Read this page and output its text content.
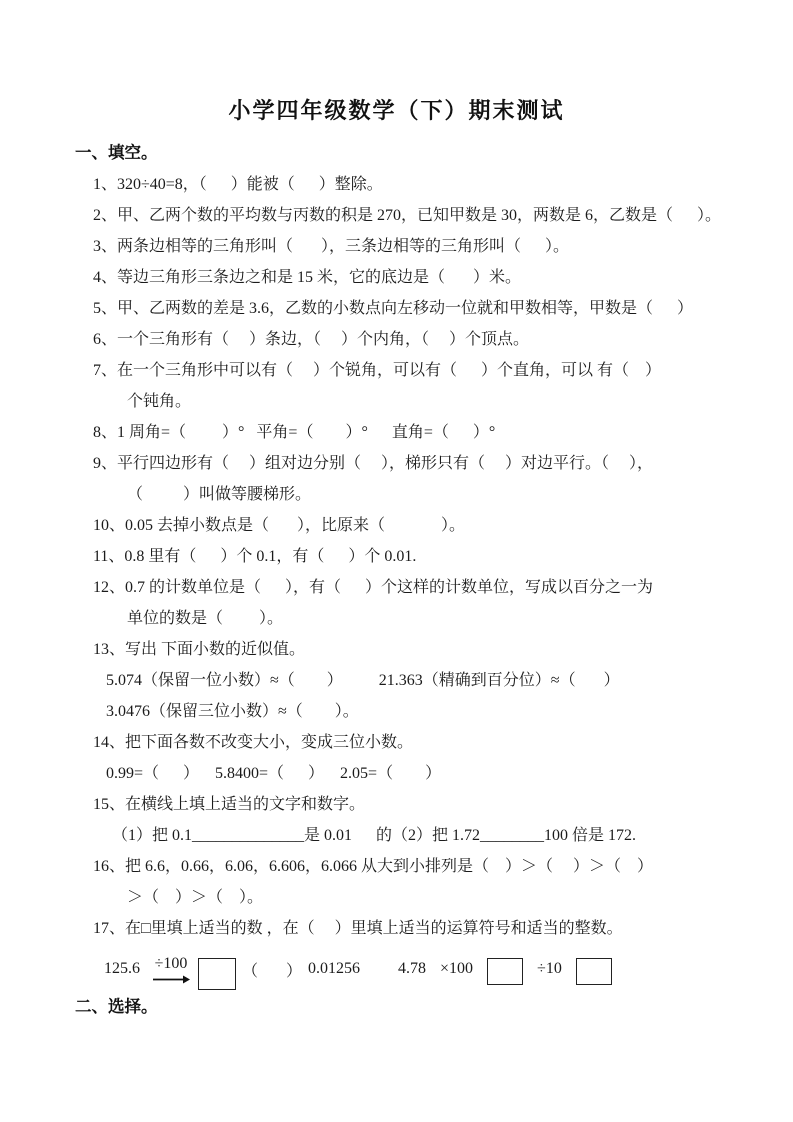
小学四年级数学（下）期末测试
一、填空。

1、320÷40=8，（      ）能被（      ）整除。

2、甲、乙两个数的平均数与丙数的积是 270，已知甲数是 30，两数是 6，乙数是（      ）。

3、两条边相等的三角形叫（       ），三条边相等的三角形叫（      ）。

4、等边三角形三条边之和是 15 米，它的底边是（       ）米。

5、甲、乙两数的差是 3.6，乙数的小数点向左移动一位就和甲数相等，甲数是（      ）

6、一个三角形有（     ）条边，（     ）个内角，（     ）个顶点。

7、在一个三角形中可以有（     ）个锐角，可以有（      ）个直角，可以 有（    ）

个钝角。

8、1 周角=（         ）°   平角=（        ）°      直角=（      ）°

9、平行四边形有（     ）组对边分别（     ），梯形只有（     ）对边平行。（     ），

（          ）叫做等腰梯形。

10、0.05 去掉小数点是（       ），比原来（              ）。

11、0.8 里有（      ）个 0.1，有（      ）个 0.01.

12、0.7 的计数单位是（      ），有（      ）个这样的计数单位，写成以百分之一为

单位的数是（         ）。

13、写出 下面小数的近似值。

5.074（保留一位小数）≈（        ）         21.363（精确到百分位）≈（       ）

3.0476（保留三位小数）≈（        ）。

14、把下面各数不改变大小，变成三位小数。

0.99=（      ）    5.8400=（      ）    2.05=（        ）

15、在横线上填上适当的文字和数字。

（1）把 0.1______________是 0.01      的（2）把 1.72________100 倍是 172.

16、把 6.6，0.66，6.06，6.606，6.066 从大到小排列是（    ）＞（     ）＞（    ）

＞（    ）＞（    ）。

17、在□里填上适当的数 ，在（     ）里填上适当的运算符号和适当的整数。

125.6 ÷100	（       ） 0.01256 4.78 ×100	÷10
二、选择。
